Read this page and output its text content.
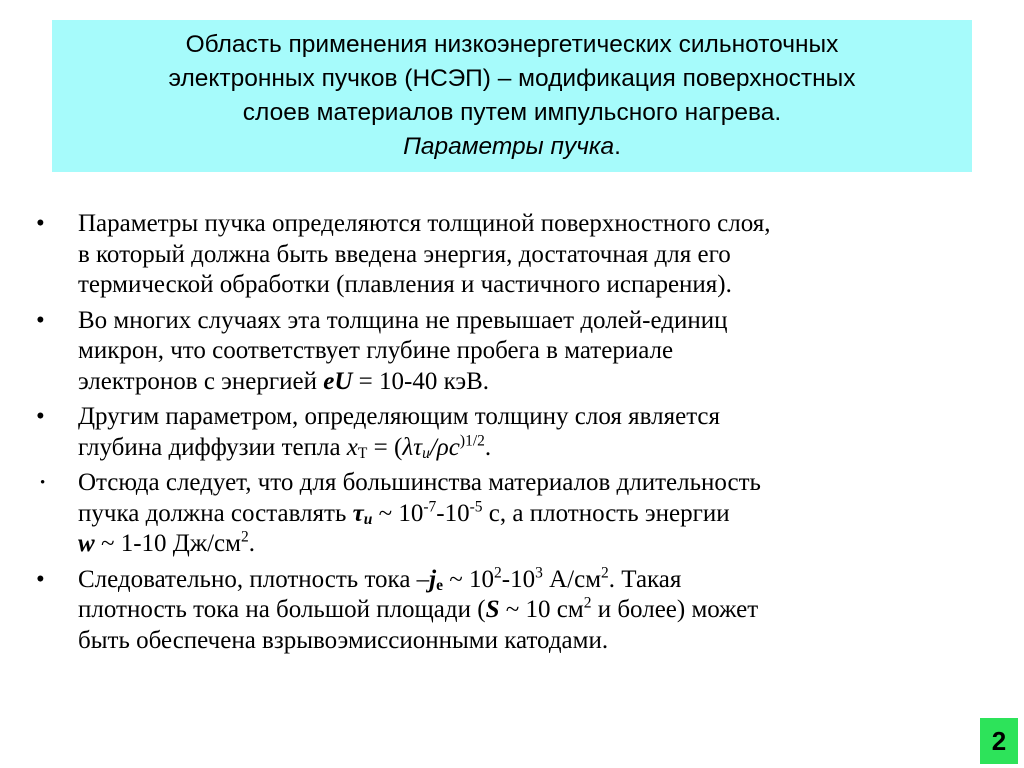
Область применения низкоэнергетических сильноточных
электронных пучков (НСЭП) – модификация поверхностных
слоев материалов путем импульсного нагрева.
Параметры пучка.
• Параметры пучка определяются толщиной поверхностного слоя,
в который должна быть введена энергия, достаточная для его
термической обработки (плавления и частичного испарения).
• Во многих случаях эта толщина не превышает долей-единиц
микрон, что соответствует глубине пробега в материале
электронов с энергией eU = 10-40 кэВ.
• Другим параметром, определяющим толщину слоя является
глубина диффузии тепла $x_T = (\lambda\tau_и/\rho c^{)1/2}$.
• Отсюда следует, что для большинства материалов длительность
пучка должна составлять $\tau_и$ ~ $10^{-7}-10^{-5}$ с, а плотность энергии
w ~ 1-10 $Дж/см^2$.
• Следовательно, плотность тока $-j_e$ ~ $10^2-10^3$ $А/см^2$. Такая
плотность тока на большой площади (S ~ 10 $см^2$ и более) может
быть обеспечена взрывоэмиссионными катодами.
2
